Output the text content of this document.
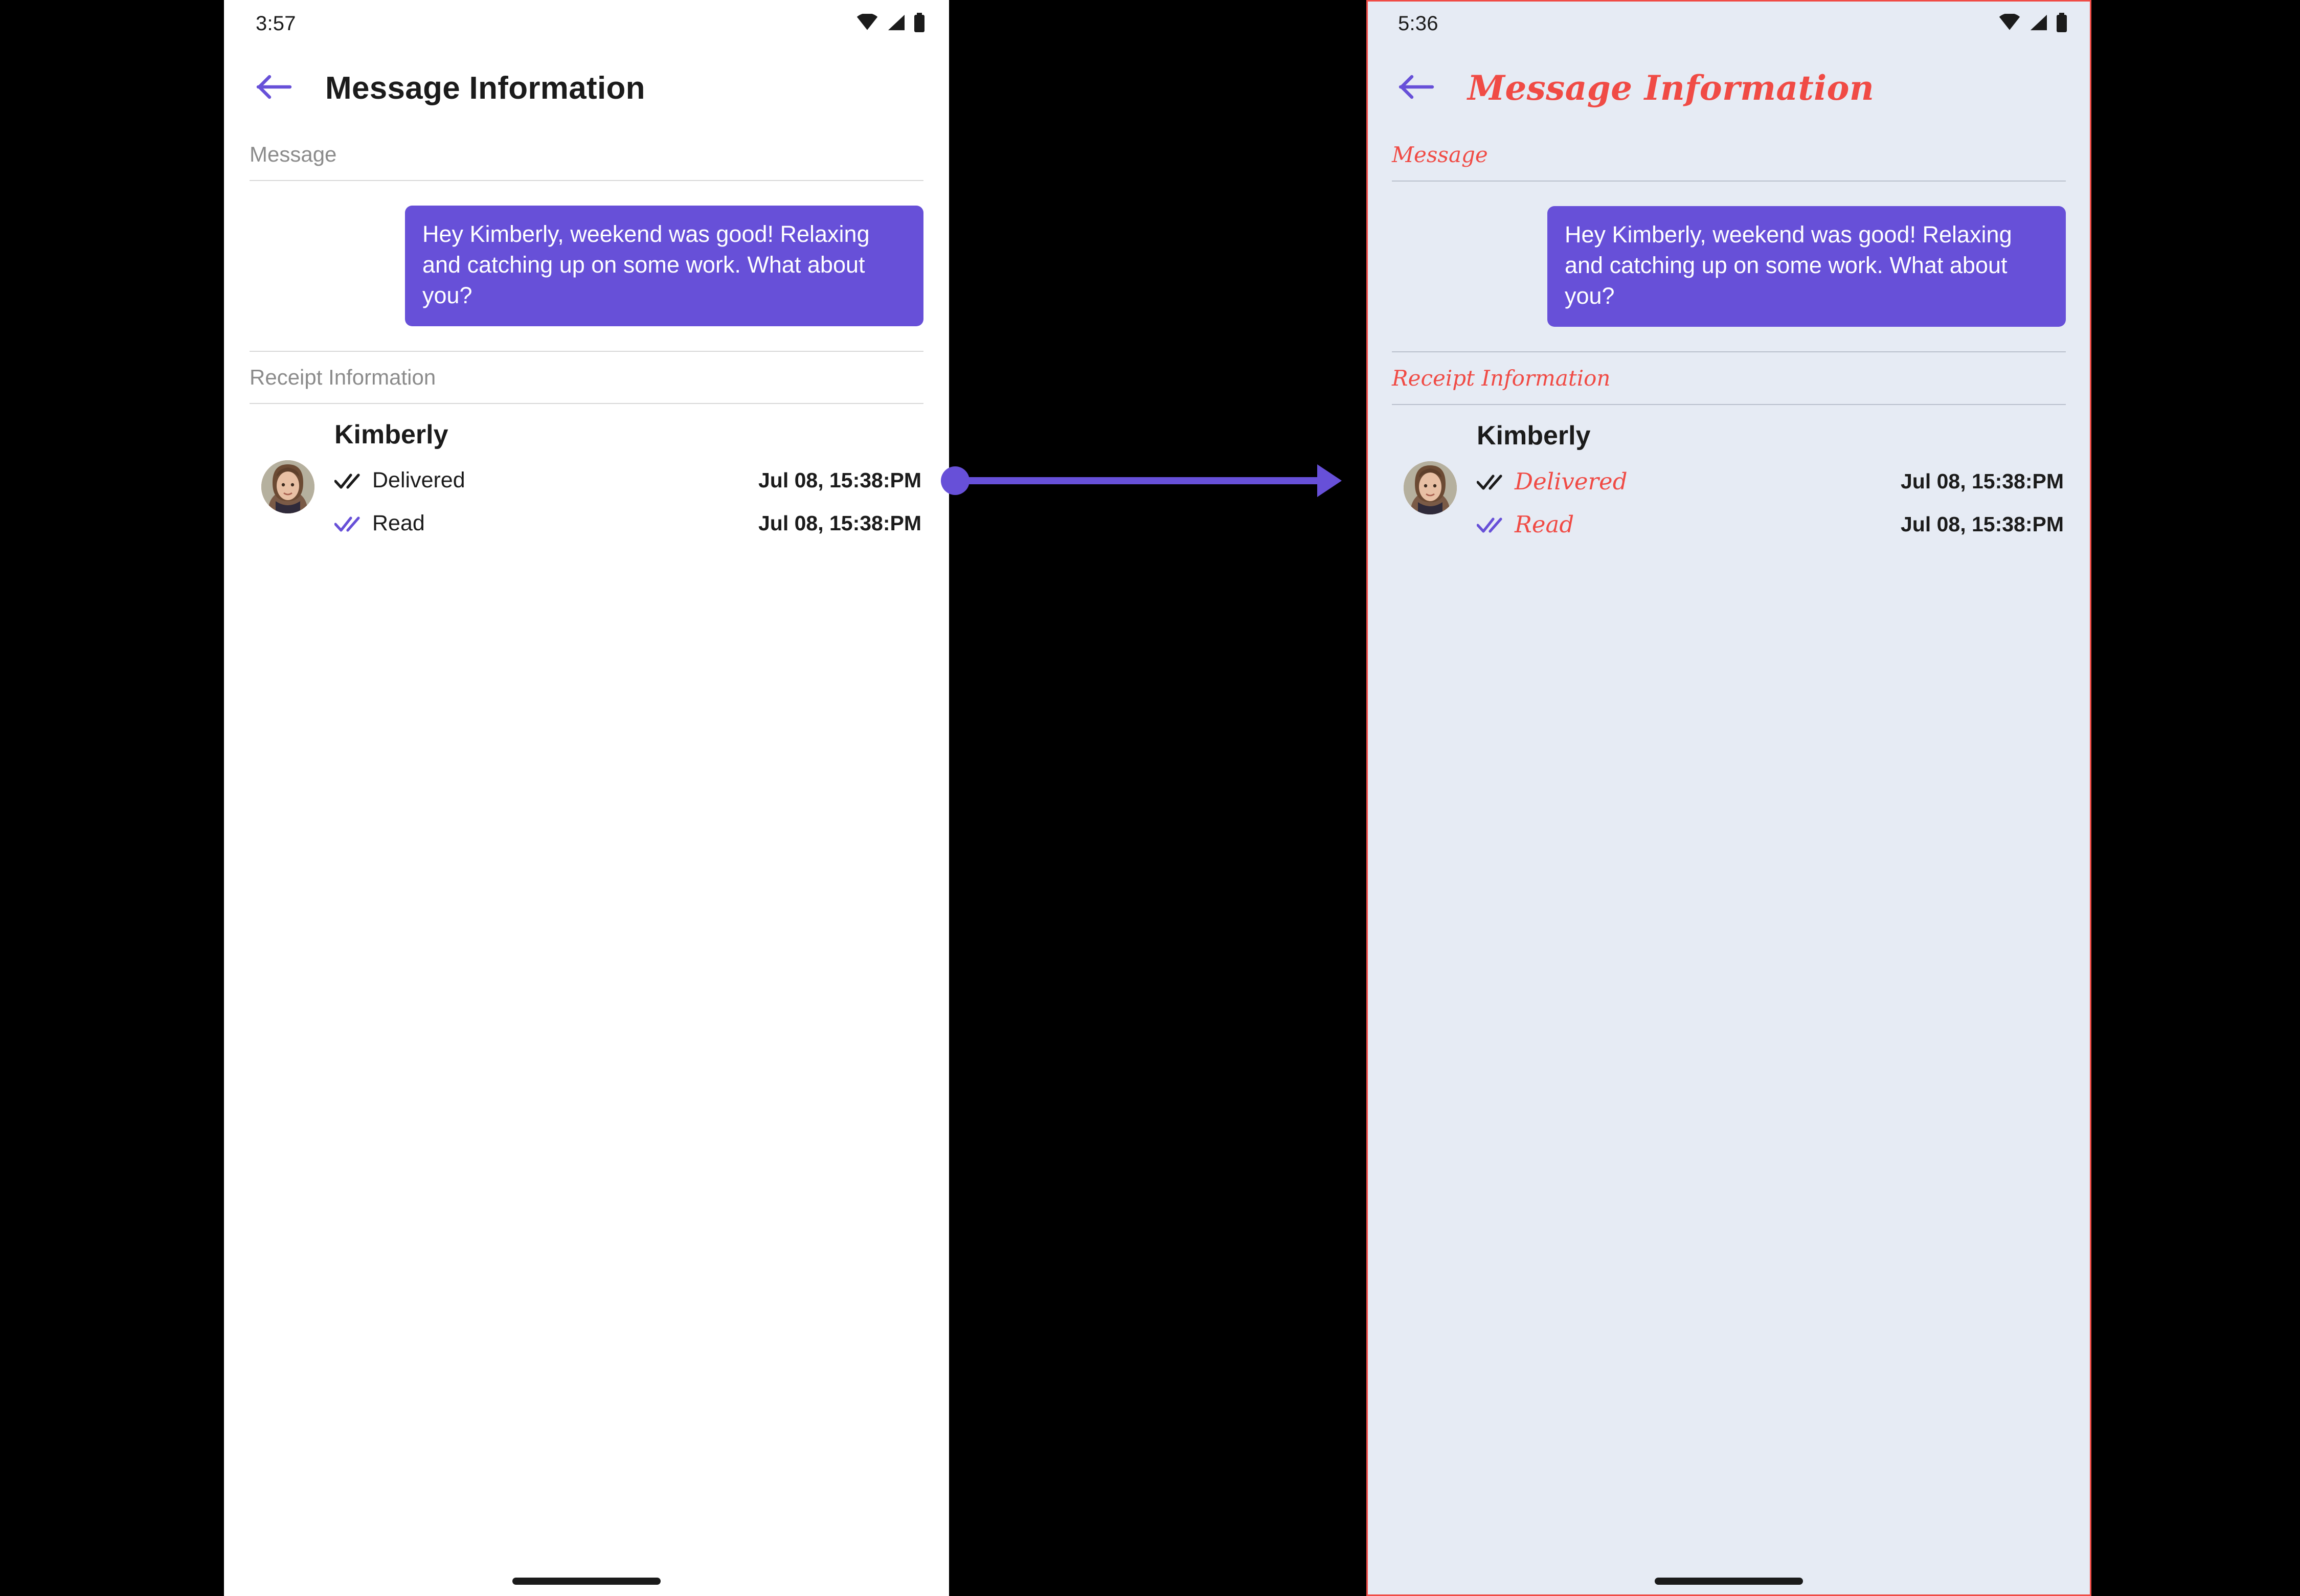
3:57
Message Information
Message
Hey Kimberly, weekend was good! Relaxing and catching up on some work. What about you?
Receipt Information
Kimberly
Delivered	Jul 08, 15:38:PM
Read	Jul 08, 15:38:PM
5:36
Message Information
Message
Hey Kimberly, weekend was good! Relaxing and catching up on some work. What about you?
Receipt Information
Kimberly
Delivered	Jul 08, 15:38:PM
Read	Jul 08, 15:38:PM
